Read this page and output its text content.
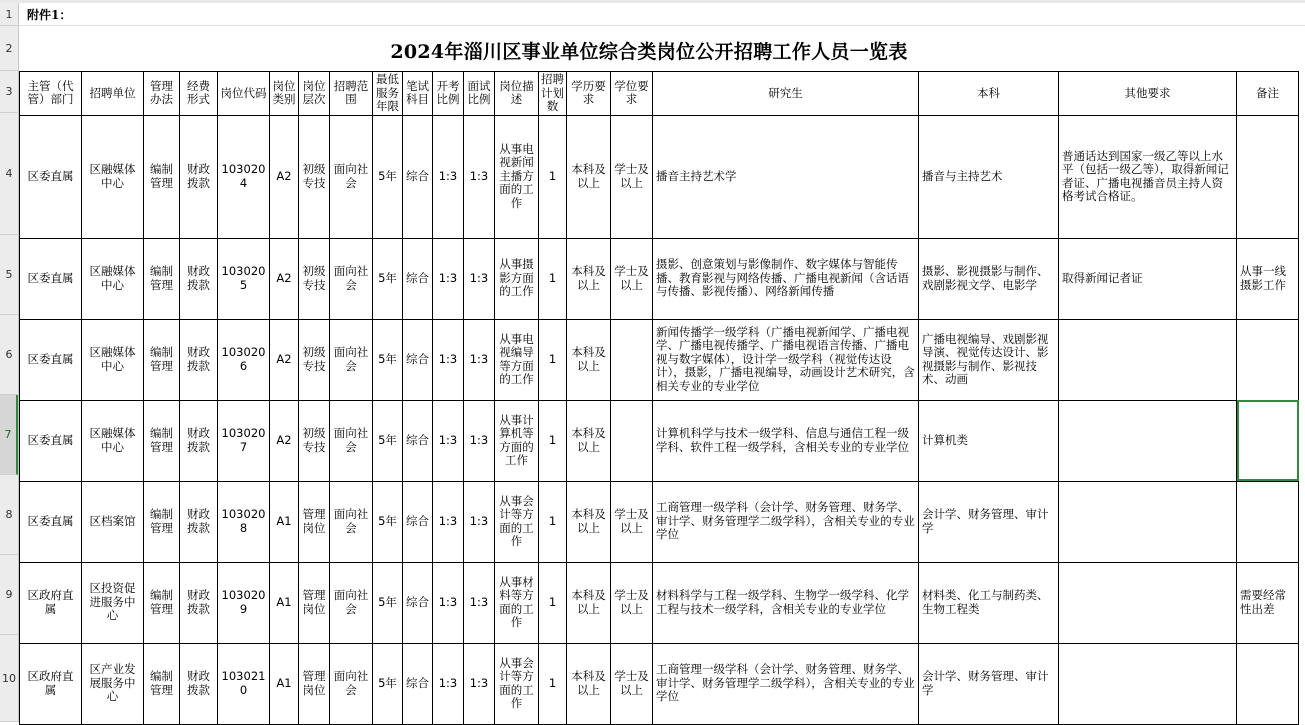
1
2
3
4
5
6
7
8
9
10
附件1：
2024年淄川区事业单位综合类岗位公开招聘工作人员一览表
主管（代管）部门	招聘单位	管理办法	经费形式	岗位代码	岗位类别	岗位层次	招聘范围	最低服务年限	笔试科目	开考比例	面试比例	岗位描述	招聘计划数	学历要求	学位要求	研究生	本科	其他要求	备注
区委直属	区融媒体中心	编制管理	财政拨款	1030204	A2	初级专技	面向社会	5年	综合	1:3	1:3	从事电视新闻主播方面的工作	1	本科及以上	学士及以上	播音主持艺术学	播音与主持艺术	普通话达到国家一级乙等以上水平（包括一级乙等），取得新闻记者证、广播电视播音员主持人资格考试合格证。	
区委直属	区融媒体中心	编制管理	财政拨款	1030205	A2	初级专技	面向社会	5年	综合	1:3	1:3	从事摄影方面的工作	1	本科及以上	学士及以上	摄影、创意策划与影像制作、数字媒体与智能传播、教育影视与网络传播、广播电视新闻（含话语与传播、影视传播）、网络新闻传播	摄影、影视摄影与制作、戏剧影视文学、电影学	取得新闻记者证	从事一线摄影工作
区委直属	区融媒体中心	编制管理	财政拨款	1030206	A2	初级专技	面向社会	5年	综合	1:3	1:3	从事电视编导等方面的工作	1	本科及以上		新闻传播学一级学科（广播电视新闻学、广播电视学、广播电视传播学、广播电视语言传播、广播电视与数字媒体），设计学一级学科（视觉传达设计），摄影，广播电视编导，动画设计艺术研究，含相关专业的专业学位	广播电视编导、戏剧影视导演、视觉传达设计、影视摄影与制作、影视技术、动画		
区委直属	区融媒体中心	编制管理	财政拨款	1030207	A2	初级专技	面向社会	5年	综合	1:3	1:3	从事计算机等方面的工作	1	本科及以上		计算机科学与技术一级学科、信息与通信工程一级学科、软件工程一级学科，含相关专业的专业学位	计算机类		
区委直属	区档案馆	编制管理	财政拨款	1030208	A1	管理岗位	面向社会	5年	综合	1:3	1:3	从事会计等方面的工作	1	本科及以上	学士及以上	工商管理一级学科（会计学、财务管理、财务学、审计学、财务管理学二级学科），含相关专业的专业学位	会计学、财务管理、审计学		
区政府直属	区投资促进服务中心	编制管理	财政拨款	1030209	A1	管理岗位	面向社会	5年	综合	1:3	1:3	从事材料等方面的工作	1	本科及以上	学士及以上	材料科学与工程一级学科、生物学一级学科、化学工程与技术一级学科，含相关专业的专业学位	材料类、化工与制药类、生物工程类		需要经常性出差
区政府直属	区产业发展服务中心	编制管理	财政拨款	1030210	A1	管理岗位	面向社会	5年	综合	1:3	1:3	从事会计等方面的工作	1	本科及以上	学士及以上	工商管理一级学科（会计学、财务管理、财务学、审计学、财务管理学二级学科），含相关专业的专业学位	会计学、财务管理、审计学		
